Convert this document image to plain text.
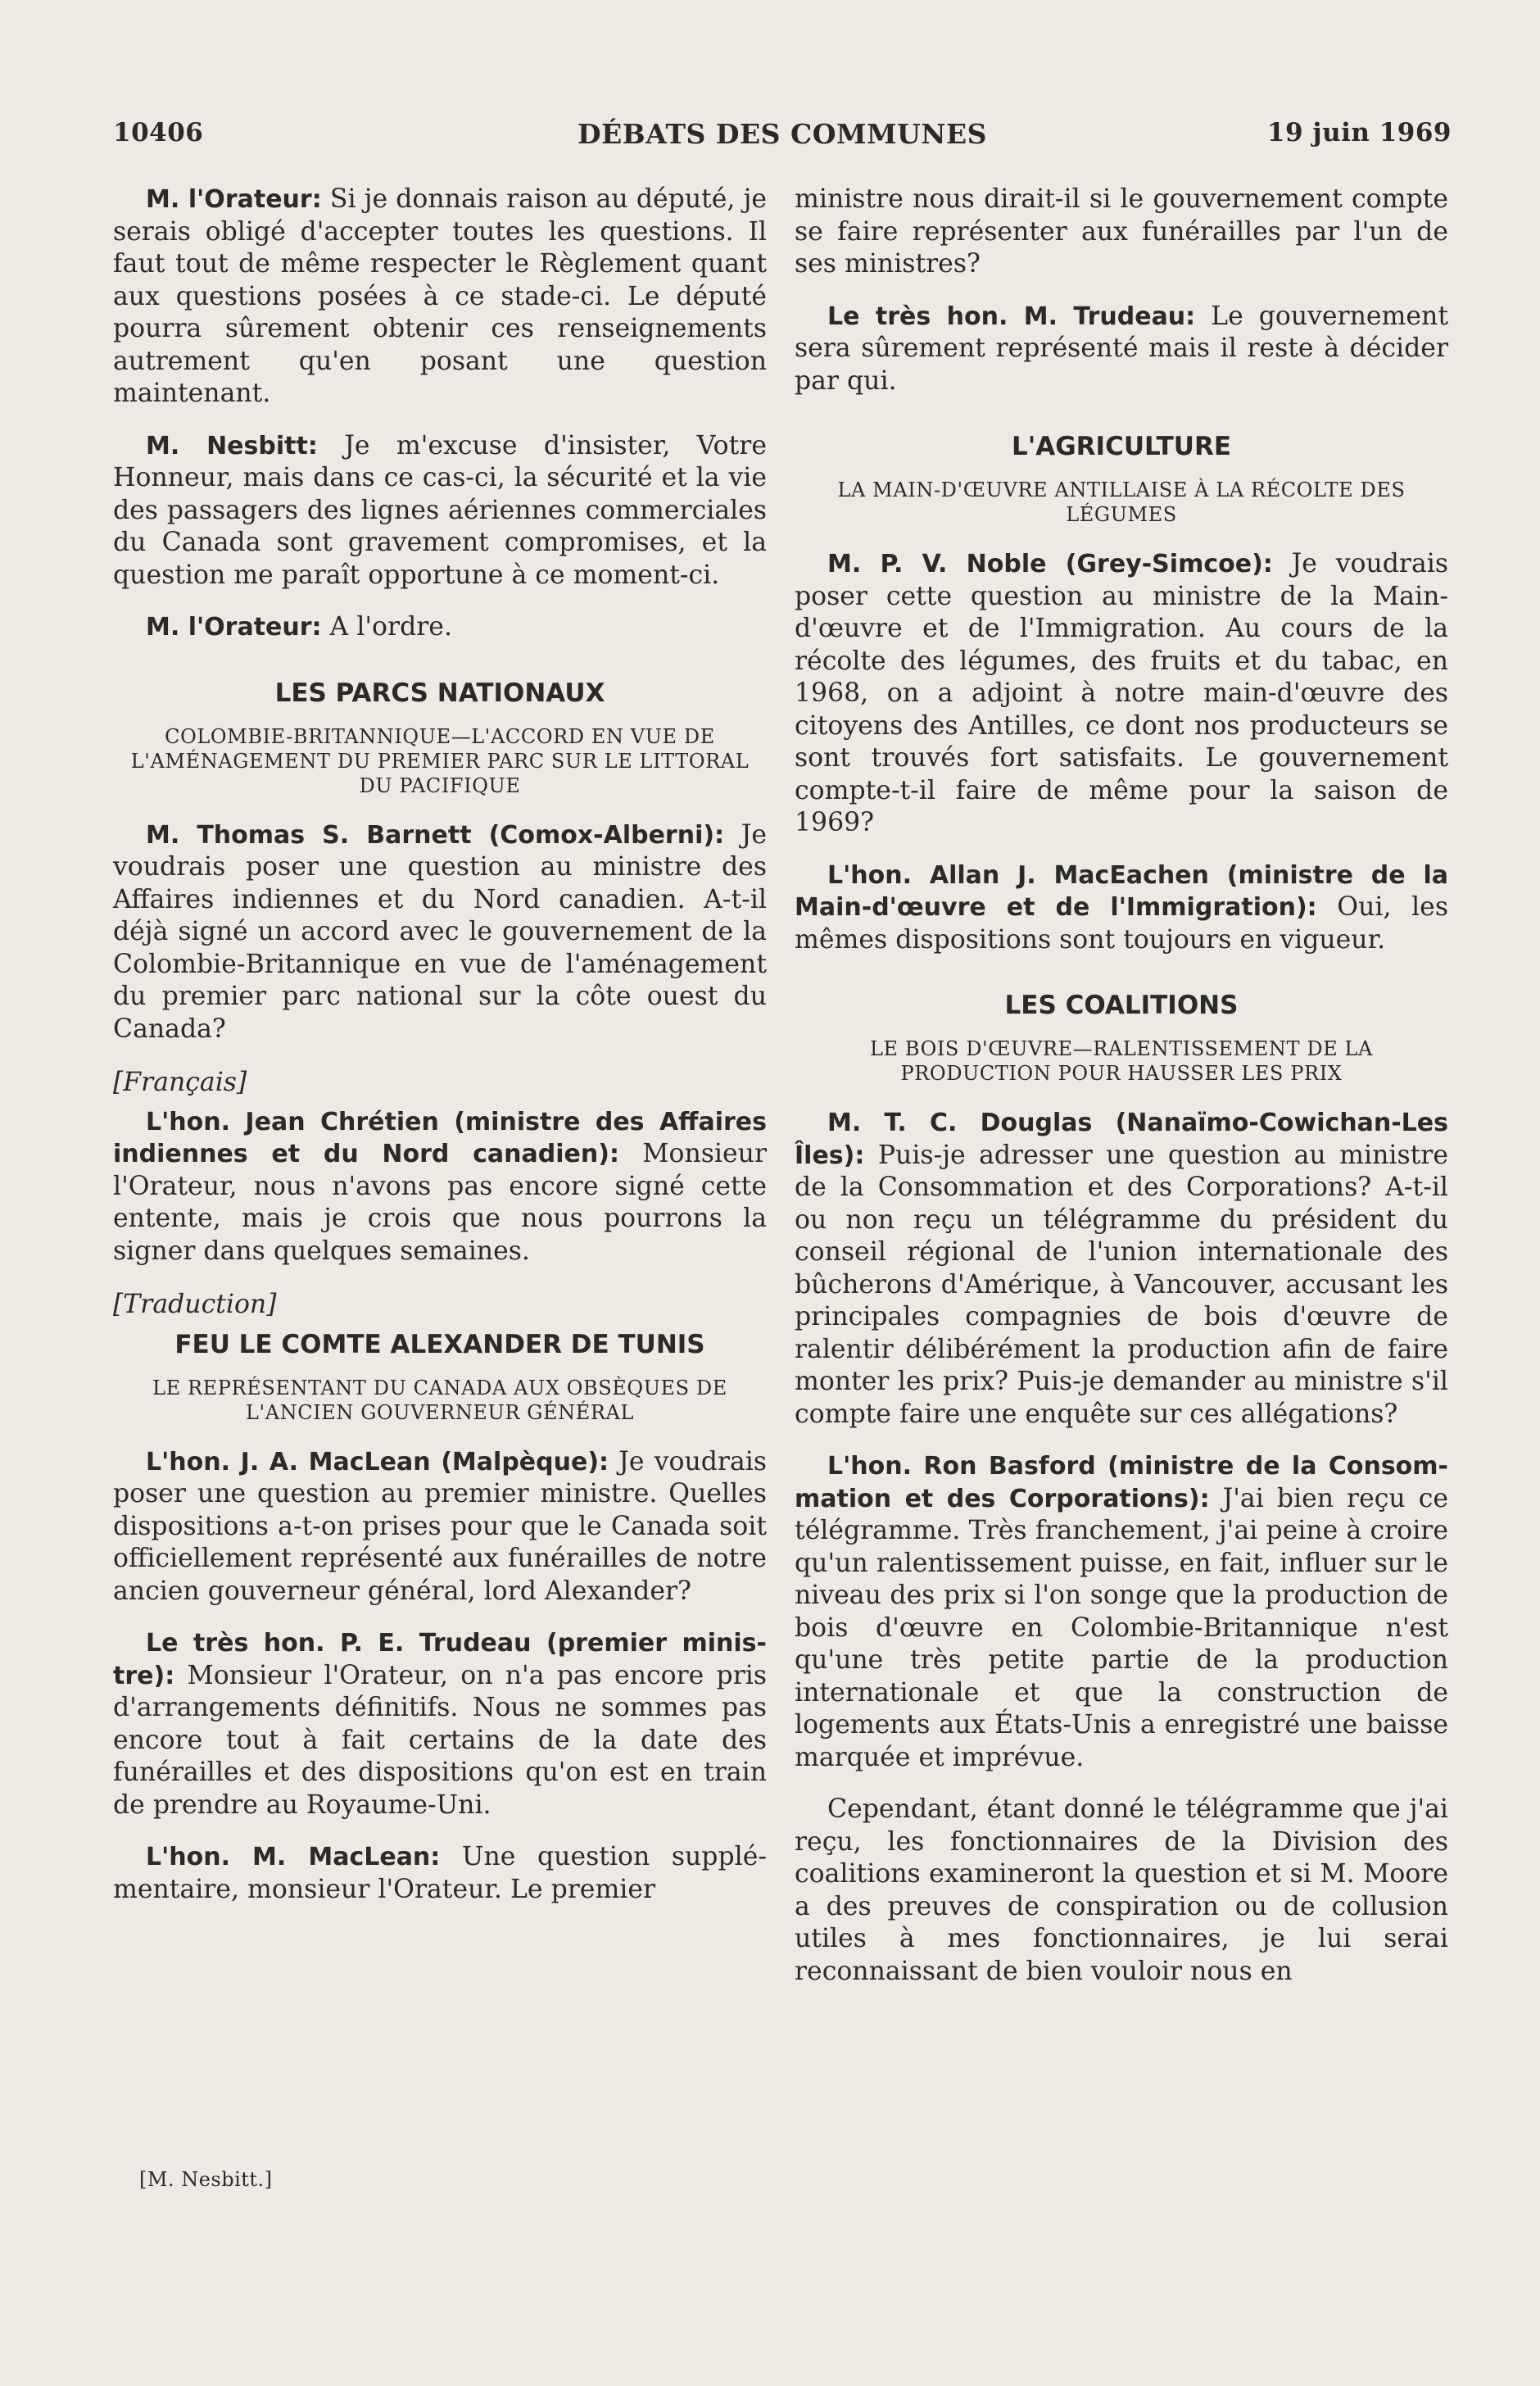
10406	DÉBATS DES COMMUNES	19 juin 1969

M. l'Orateur: Si je donnais raison au député, je serais obligé d'accepter toutes les questions. Il faut tout de même respecter le Règlement quant aux questions posées à ce stade-ci. Le député pourra sûrement obtenir ces renseignements autrement qu'en posant une question maintenant.

M. Nesbitt: Je m'excuse d'insister, Votre Honneur, mais dans ce cas-ci, la sécurité et la vie des passagers des lignes aériennes commerciales du Canada sont gravement compromises, et la question me paraît opportune à ce moment-ci.

M. l'Orateur: A l'ordre.

LES PARCS NATIONAUX
COLOMBIE-BRITANNIQUE—L'ACCORD EN VUE DE L'AMÉNAGEMENT DU PREMIER PARC SUR LE LITTORAL DU PACIFIQUE

M. Thomas S. Barnett (Comox-Alberni): Je voudrais poser une question au ministre des Affaires indiennes et du Nord canadien. A-t-il déjà signé un accord avec le gouvernement de la Colombie-Britannique en vue de l'aménagement du premier parc national sur la côte ouest du Canada?

[Français]

L'hon. Jean Chrétien (ministre des Affaires indiennes et du Nord canadien): Monsieur l'Orateur, nous n'avons pas encore signé cette entente, mais je crois que nous pourrons la signer dans quelques semaines.

[Traduction]
FEU LE COMTE ALEXANDER DE TUNIS
LE REPRÉSENTANT DU CANADA AUX OBSÈQUES DE L'ANCIEN GOUVERNEUR GÉNÉRAL

L'hon. J. A. MacLean (Malpèque): Je voudrais poser une question au premier ministre. Quelles dispositions a-t-on prises pour que le Canada soit officiellement représenté aux funérailles de notre ancien gouverneur général, lord Alexander?

Le très hon. P. E. Trudeau (premier ministre): Monsieur l'Orateur, on n'a pas encore pris d'arrangements définitifs. Nous ne sommes pas encore tout à fait certains de la date des funérailles et des dispositions qu'on est en train de prendre au Royaume-Uni.

L'hon. M. MacLean: Une question supplémentaire, monsieur l'Orateur. Le premier

[M. Nesbitt.]

ministre nous dirait-il si le gouvernement compte se faire représenter aux funérailles par l'un de ses ministres?

Le très hon. M. Trudeau: Le gouvernement sera sûrement représenté mais il reste à décider par qui.

L'AGRICULTURE
LA MAIN-D'ŒUVRE ANTILLAISE À LA RÉCOLTE DES LÉGUMES

M. P. V. Noble (Grey-Simcoe): Je voudrais poser cette question au ministre de la Main-d'œuvre et de l'Immigration. Au cours de la récolte des légumes, des fruits et du tabac, en 1968, on a adjoint à notre main-d'œuvre des citoyens des Antilles, ce dont nos producteurs se sont trouvés fort satisfaits. Le gouvernement compte-t-il faire de même pour la saison de 1969?

L'hon. Allan J. MacEachen (ministre de la Main-d'œuvre et de l'Immigration): Oui, les mêmes dispositions sont toujours en vigueur.

LES COALITIONS
LE BOIS D'ŒUVRE—RALENTISSEMENT DE LA PRODUCTION POUR HAUSSER LES PRIX

M. T. C. Douglas (Nanaïmo-Cowichan-Les Îles): Puis-je adresser une question au ministre de la Consommation et des Corporations? A-t-il ou non reçu un télégramme du président du conseil régional de l'union internationale des bûcherons d'Amérique, à Vancouver, accusant les principales compagnies de bois d'œuvre de ralentir délibérément la production afin de faire monter les prix? Puis-je demander au ministre s'il compte faire une enquête sur ces allégations?

L'hon. Ron Basford (ministre de la Consommation et des Corporations): J'ai bien reçu ce télégramme. Très franchement, j'ai peine à croire qu'un ralentissement puisse, en fait, influer sur le niveau des prix si l'on songe que la production de bois d'œuvre en Colombie-Britannique n'est qu'une très petite partie de la production internationale et que la construction de logements aux États-Unis a enregistré une baisse marquée et imprévue.

Cependant, étant donné le télégramme que j'ai reçu, les fonctionnaires de la Division des coalitions examineront la question et si M. Moore a des preuves de conspiration ou de collusion utiles à mes fonctionnaires, je lui serai reconnaissant de bien vouloir nous en
